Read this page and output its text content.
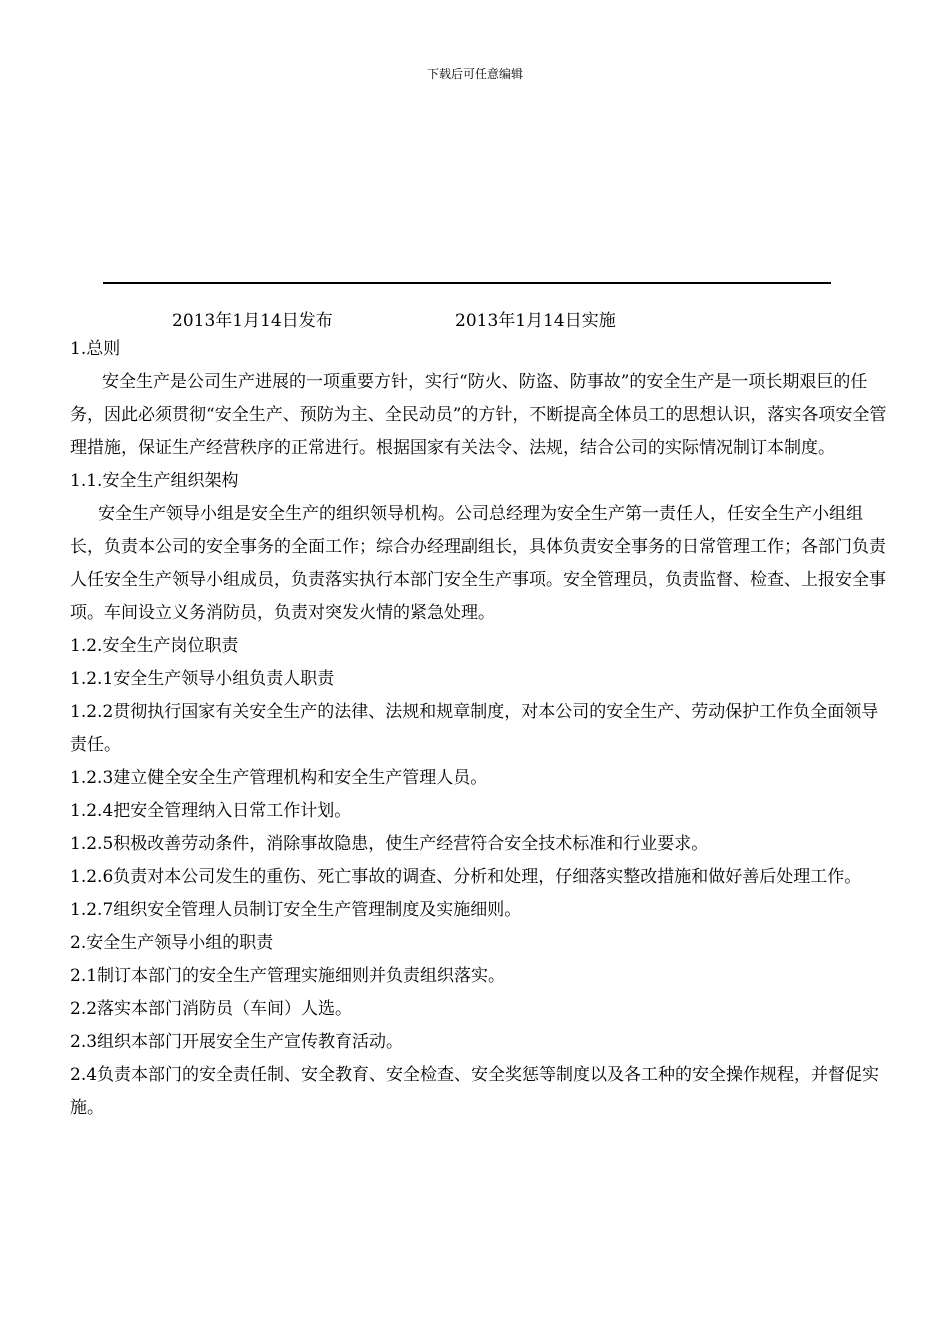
下载后可任意编辑
2013年1月14日发布	2013年1月14日实施

1.总则

安全生产是公司生产进展的一项重要方针，实行“防火、防盗、防事故”的安全生产是一项长期艰巨的任务，因此必须贯彻“安全生产、预防为主、全民动员”的方针，不断提高全体员工的思想认识，落实各项安全管理措施，保证生产经营秩序的正常进行。根据国家有关法令、法规，结合公司的实际情况制订本制度。

1.1.安全生产组织架构

安全生产领导小组是安全生产的组织领导机构。公司总经理为安全生产第一责任人，任安全生产小组组长，负责本公司的安全事务的全面工作；综合办经理副组长，具体负责安全事务的日常管理工作；各部门负责人任安全生产领导小组成员，负责落实执行本部门安全生产事项。安全管理员，负责监督、检查、上报安全事项。车间设立义务消防员，负责对突发火情的紧急处理。

1.2.安全生产岗位职责

1.2.1安全生产领导小组负责人职责

1.2.2贯彻执行国家有关安全生产的法律、法规和规章制度，对本公司的安全生产、劳动保护工作负全面领导责任。

1.2.3建立健全安全生产管理机构和安全生产管理人员。

1.2.4把安全管理纳入日常工作计划。

1.2.5积极改善劳动条件，消除事故隐患，使生产经营符合安全技术标准和行业要求。

1.2.6负责对本公司发生的重伤、死亡事故的调查、分析和处理，仔细落实整改措施和做好善后处理工作。

1.2.7组织安全管理人员制订安全生产管理制度及实施细则。

2.安全生产领导小组的职责

2.1制订本部门的安全生产管理实施细则并负责组织落实。

2.2落实本部门消防员（车间）人选。

2.3组织本部门开展安全生产宣传教育活动。

2.4负责本部门的安全责任制、安全教育、安全检查、安全奖惩等制度以及各工种的安全操作规程，并督促实施。
